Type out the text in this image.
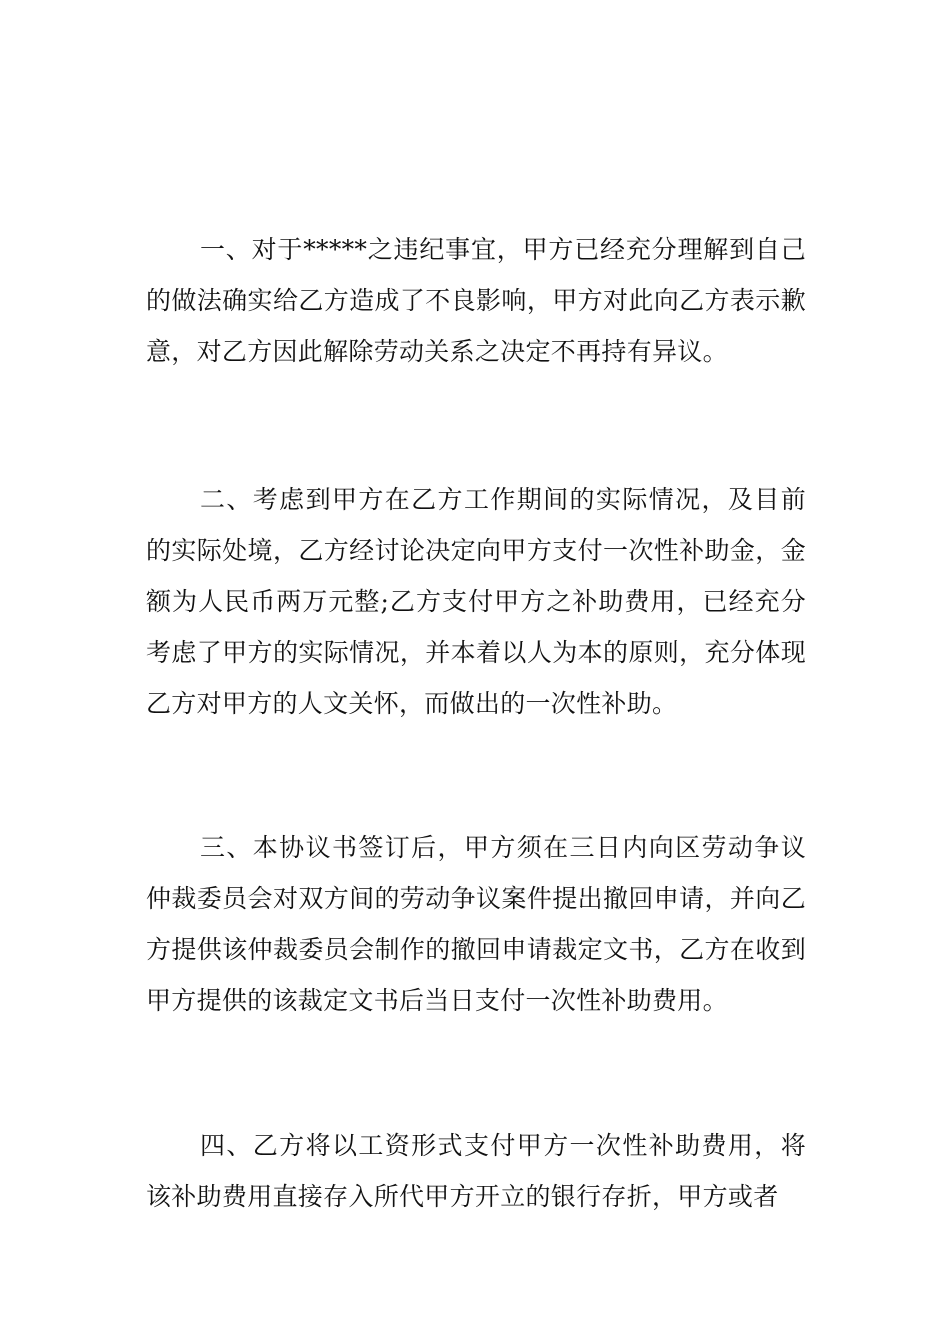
一、对于*****之违纪事宜，甲方已经充分理解到自己的做法确实给乙方造成了不良影响，甲方对此向乙方表示歉意，对乙方因此解除劳动关系之决定不再持有异议。

二、考虑到甲方在乙方工作期间的实际情况，及目前的实际处境，乙方经讨论决定向甲方支付一次性补助金，金额为人民币两万元整;乙方支付甲方之补助费用，已经充分考虑了甲方的实际情况，并本着以人为本的原则，充分体现乙方对甲方的人文关怀，而做出的一次性补助。

三、本协议书签订后，甲方须在三日内向区劳动争议仲裁委员会对双方间的劳动争议案件提出撤回申请，并向乙方提供该仲裁委员会制作的撤回申请裁定文书，乙方在收到甲方提供的该裁定文书后当日支付一次性补助费用。

四、乙方将以工资形式支付甲方一次性补助费用，将该补助费用直接存入所代甲方开立的银行存折，甲方或者
